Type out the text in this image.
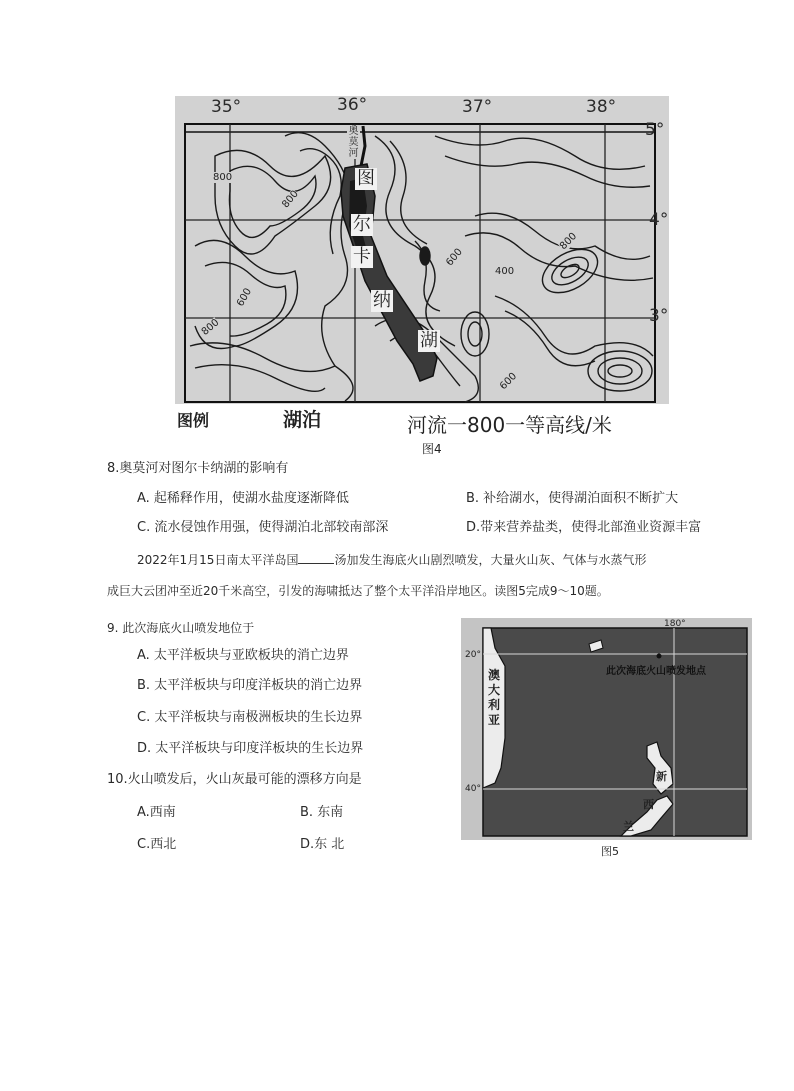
35°	36°	37°	38°
5°
4°
3°
奥
莫
河
图
尔
卡
纳
湖
800
800
600
800
600
400
800
600
图例	湖泊	河流一800一等高线/米
图4
8.奥莫河对图尔卡纳湖的影响有
A. 起稀释作用，使湖水盐度逐渐降低	B. 补给湖水，使得湖泊面积不断扩大
C. 流水侵蚀作用强，使得湖泊北部较南部深	D.带来营养盐类，使得北部渔业资源丰富
2022年1月15日南太平洋岛国	汤加发生海底火山剧烈喷发，大量火山灰、气体与水蒸气形
成巨大云团冲至近20千米高空，引发的海啸抵达了整个太平洋沿岸地区。读图5完成9～10题。
9. 此次海底火山喷发地位于
A. 太平洋板块与亚欧板块的消亡边界
B. 太平洋板块与印度洋板块的消亡边界
C. 太平洋板块与南极洲板块的生长边界
D. 太平洋板块与印度洋板块的生长边界
10.火山喷发后，火山灰最可能的漂移方向是
A.西南	B. 东南
C.西北	D.东 北
180°
20°
40°
此次海底火山喷发地点
澳
大
利
亚
新
西
兰
图5
